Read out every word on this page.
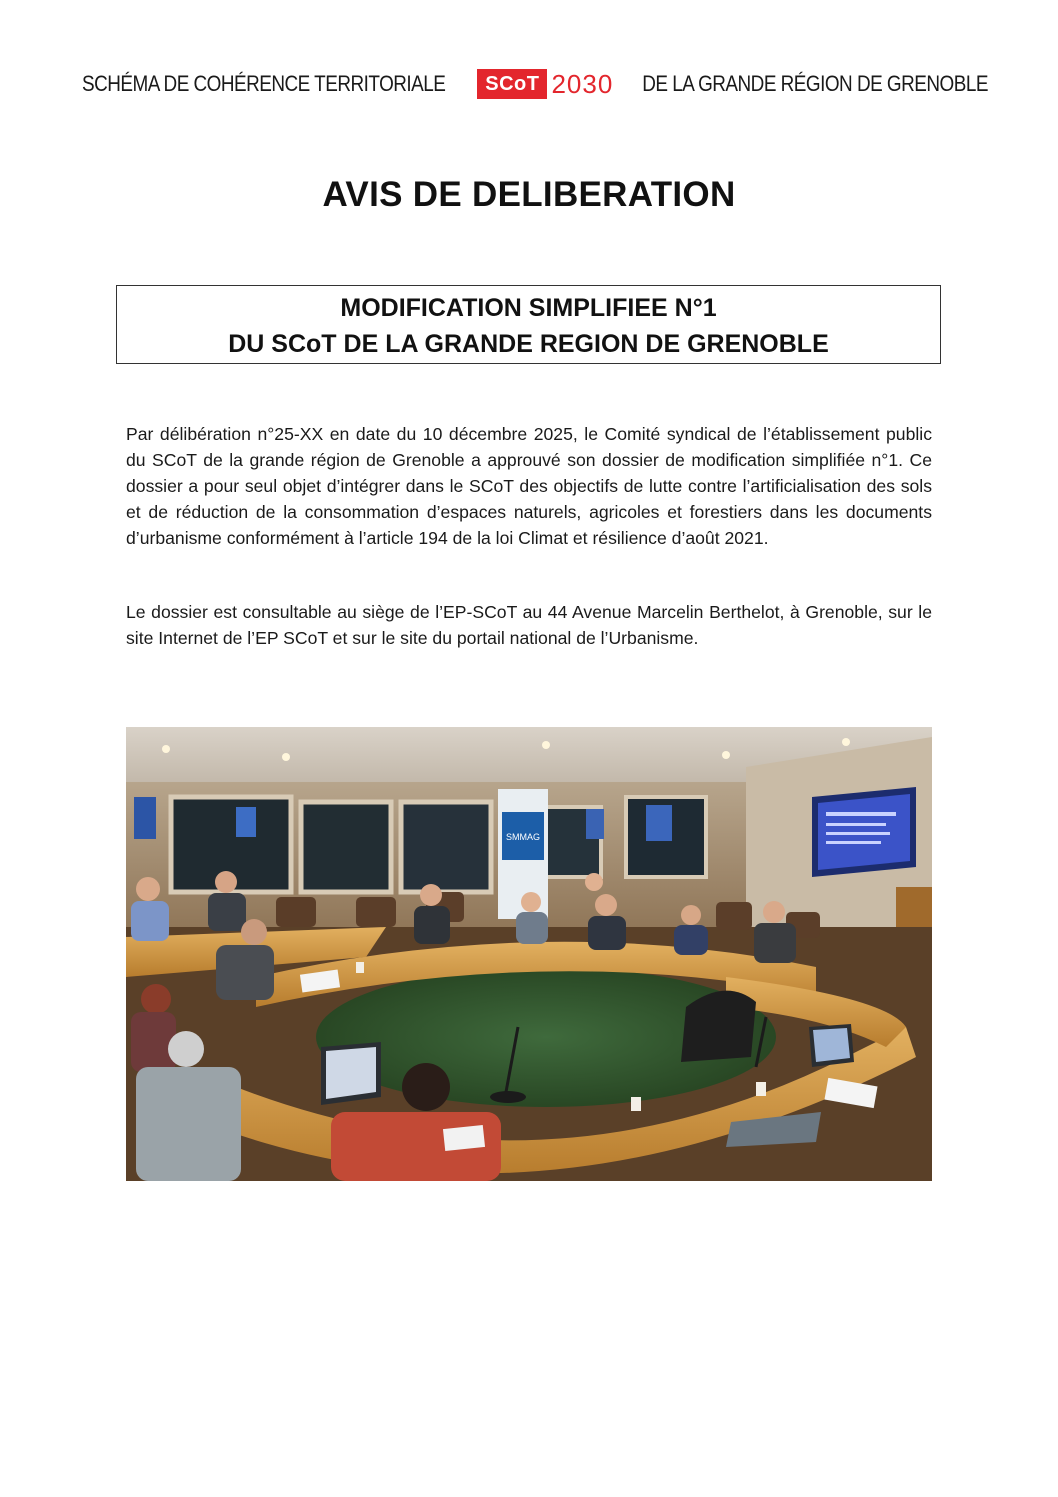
SCHÉMA DE COHÉRENCE TERRITORIALE	SCoT 2030 DE LA GRANDE RÉGION DE GRENOBLE
AVIS DE DELIBERATION
MODIFICATION SIMPLIFIEE N°1
DU SCoT DE LA GRANDE REGION DE GRENOBLE

Par délibération n°25-XX en date du 10 décembre 2025, le Comité syndical de l’établissement public du SCoT de la grande région de Grenoble a approuvé son dossier de modification simplifiée n°1. Ce dossier a pour seul objet d’intégrer dans le SCoT des objectifs de lutte contre l’artificialisation des sols et de réduction de la consommation d’espaces naturels, agricoles et forestiers dans les documents d’urbanisme conformément à l’article 194 de la loi Climat et résilience d’août 2021.

Le dossier est consultable au siège de l’EP-SCoT au 44 Avenue Marcelin Berthelot, à Grenoble, sur le site Internet de l’EP SCoT et sur le site du portail national de l’Urbanisme.

SMMAG
